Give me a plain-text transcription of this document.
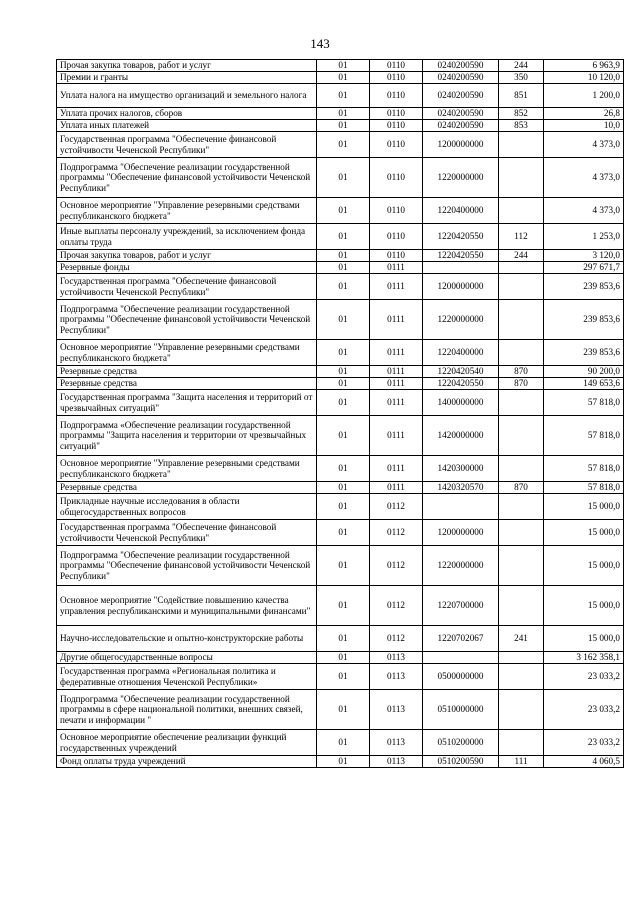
143
Прочая закупка товаров, работ и услуг	01	0110	0240200590	244	6 963,9
Премии и гранты	01	0110	0240200590	350	10 120,0
Уплата налога на имущество организаций и земельного налога	01	0110	0240200590	851	1 200,0
Уплата прочих налогов, сборов	01	0110	0240200590	852	26,8
Уплата иных платежей	01	0110	0240200590	853	10,0
Государственная программа "Обеспечение финансовой устойчивости Чеченской Республики"	01	0110	1200000000		4 373,0
Подпрограмма "Обеспечение реализации государственной программы "Обеспечение финансовой устойчивости Чеченской Республики"	01	0110	1220000000		4 373,0
Основное мероприятие "Управление резервными средствами республиканского бюджета"	01	0110	1220400000		4 373,0
Иные выплаты персоналу учреждений, за исключением фонда оплаты труда	01	0110	1220420550	112	1 253,0
Прочая закупка товаров, работ и услуг	01	0110	1220420550	244	3 120,0
Резервные фонды	01	0111			297 671,7
Государственная программа "Обеспечение финансовой устойчивости Чеченской Республики"	01	0111	1200000000		239 853,6
Подпрограмма "Обеспечение реализации государственной программы "Обеспечение финансовой устойчивости Чеченской Республики"	01	0111	1220000000		239 853,6
Основное мероприятие "Управление резервными средствами республиканского бюджета"	01	0111	1220400000		239 853,6
Резервные средства	01	0111	1220420540	870	90 200,0
Резервные средства	01	0111	1220420550	870	149 653,6
Государственная программа "Защита населения и территорий от чрезвычайных ситуаций"	01	0111	1400000000		57 818,0
Подпрограмма «Обеспечение реализации государственной программы "Защита населения и территории от чрезвычайных ситуаций"	01	0111	1420000000		57 818,0
Основное мероприятие "Управление резервными средствами республиканского бюджета"	01	0111	1420300000		57 818,0
Резервные средства	01	0111	1420320570	870	57 818,0
Прикладные научные исследования в области общегосударственных вопросов	01	0112			15 000,0
Государственная программа "Обеспечение финансовой устойчивости Чеченской Республики"	01	0112	1200000000		15 000,0
Подпрограмма "Обеспечение реализации государственной программы "Обеспечение финансовой устойчивости Чеченской Республики"	01	0112	1220000000		15 000,0
Основное мероприятие "Содействие повышению качества управления республиканскими и муниципальными финансами"	01	0112	1220700000		15 000,0
Научно-исследовательские и опытно-конструкторские работы	01	0112	1220702067	241	15 000,0
Другие общегосударственные вопросы	01	0113			3 162 358,1
Государственная программа «Региональная политика и федеративные отношения Чеченской Республики»	01	0113	0500000000		23 033,2
Подпрограмма "Обеспечение реализации государственной программы в сфере национальной политики, внешних связей, печати и информации "	01	0113	0510000000		23 033,2
Основное мероприятие обеспечение реализации функций государственных учреждений	01	0113	0510200000		23 033,2
Фонд оплаты труда учреждений	01	0113	0510200590	111	4 060,5
